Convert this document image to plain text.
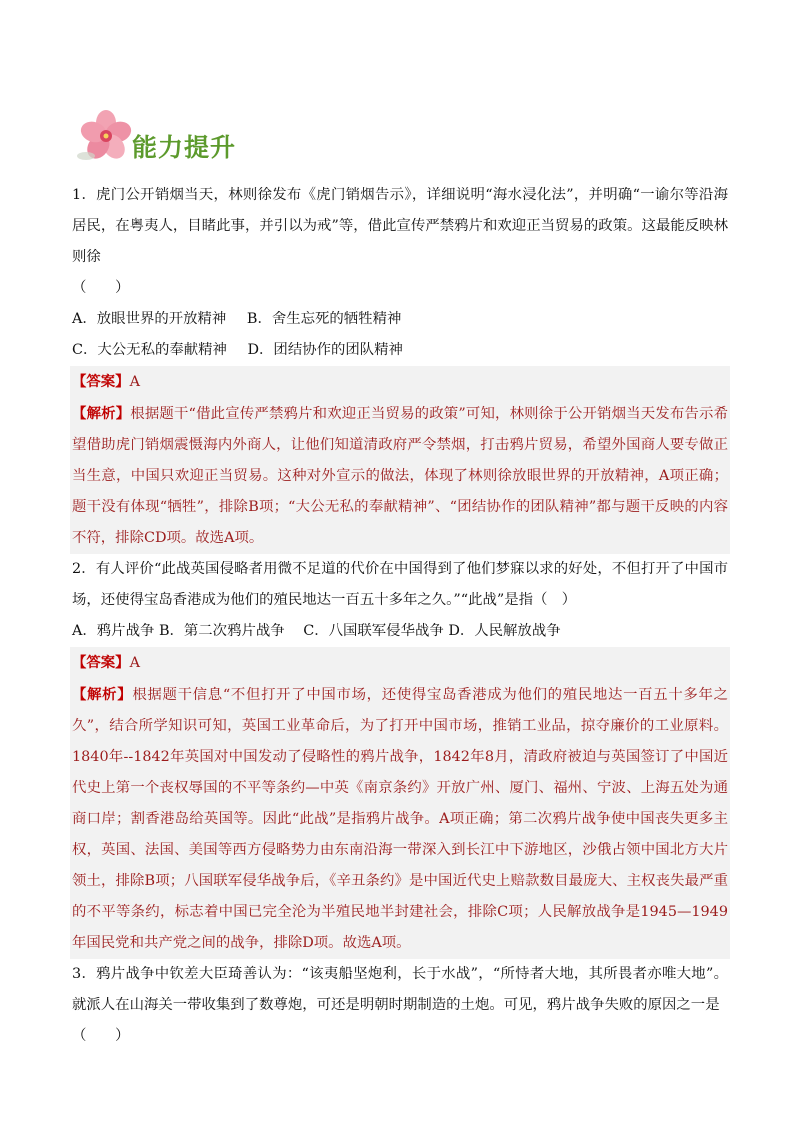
能力提升
1．虎门公开销烟当天，林则徐发布《虎门销烟告示》，详细说明“海水浸化法”，并明确“一谕尔等沿海居民，在粤夷人，目睹此事，并引以为戒”等，借此宣传严禁鸦片和欢迎正当贸易的政策。这最能反映林则徐
（　　）
A．放眼世界的开放精神 B．舍生忘死的牺牲精神
C．大公无私的奉献精神 D．团结协作的团队精神
【答案】A
【解析】根据题干“借此宣传严禁鸦片和欢迎正当贸易的政策”可知，林则徐于公开销烟当天发布告示希望借助虎门销烟震慑海内外商人，让他们知道清政府严令禁烟，打击鸦片贸易，希望外国商人要专做正当生意，中国只欢迎正当贸易。这种对外宣示的做法，体现了林则徐放眼世界的开放精神，A项正确；题干没有体现“牺牲”，排除B项；“大公无私的奉献精神”、“团结协作的团队精神”都与题干反映的内容不符，排除CD项。故选A项。
2．有人评价“此战英国侵略者用微不足道的代价在中国得到了他们梦寐以求的好处，不但打开了中国市场，还使得宝岛香港成为他们的殖民地达一百五十多年之久。”“此战”是指（　）
A．鸦片战争 B．第二次鸦片战争 C．八国联军侵华战争 D．人民解放战争
【答案】A
【解析】根据题干信息“不但打开了中国市场，还使得宝岛香港成为他们的殖民地达一百五十多年之久”，结合所学知识可知，英国工业革命后，为了打开中国市场，推销工业品，掠夺廉价的工业原料。1840年--1842年英国对中国发动了侵略性的鸦片战争，1842年8月，清政府被迫与英国签订了中国近代史上第一个丧权辱国的不平等条约—中英《南京条约》开放广州、厦门、福州、宁波、上海五处为通商口岸；割香港岛给英国等。因此“此战”是指鸦片战争。A项正确；第二次鸦片战争使中国丧失更多主权，英国、法国、美国等西方侵略势力由东南沿海一带深入到长江中下游地区，沙俄占领中国北方大片领土，排除B项；八国联军侵华战争后，《辛丑条约》是中国近代史上赔款数目最庞大、主权丧失最严重的不平等条约，标志着中国已完全沦为半殖民地半封建社会，排除C项；人民解放战争是1945—1949年国民党和共产党之间的战争，排除D项。故选A项。
3．鸦片战争中钦差大臣琦善认为：“该夷船坚炮利，长于水战”，“所恃者大地，其所畏者亦唯大地”。就派人在山海关一带收集到了数尊炮，可还是明朝时期制造的土炮。可见，鸦片战争失败的原因之一是
（　　）
